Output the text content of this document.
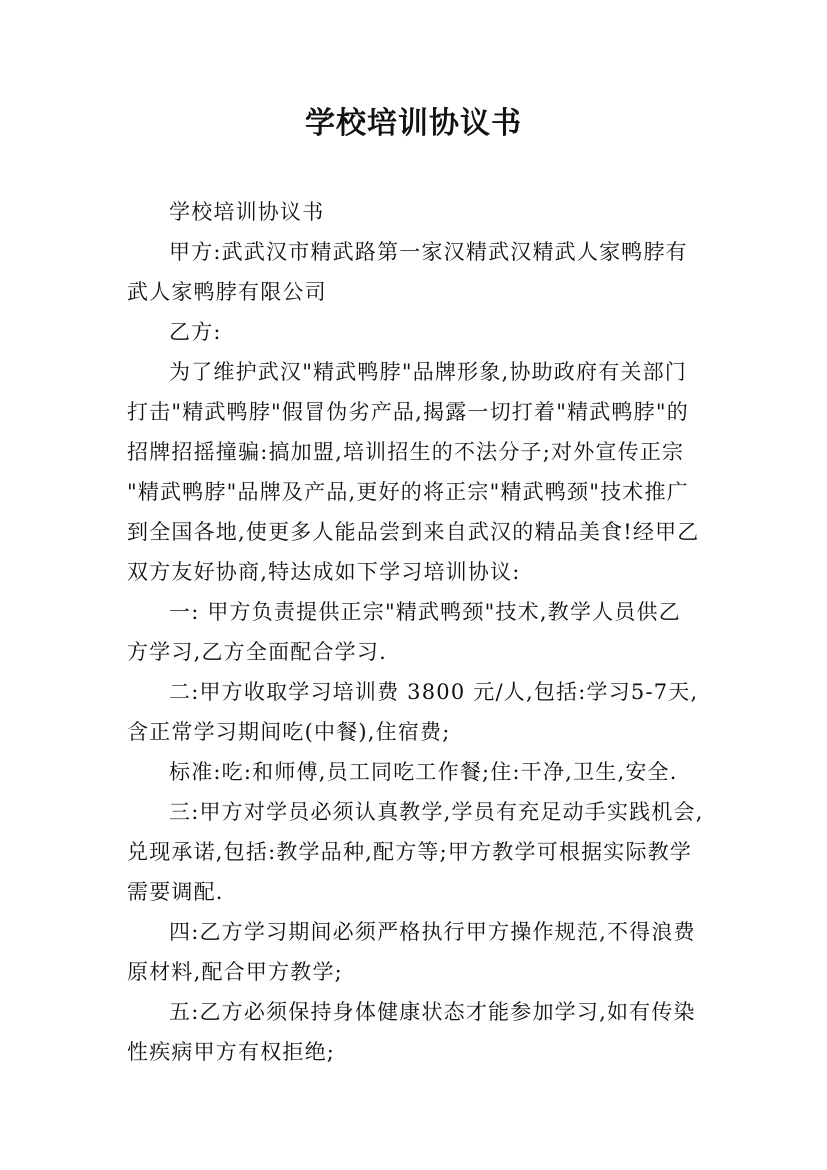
学校培训协议书
学校培训协议书
甲方:武武汉市精武路第一家汉精武汉精武人家鸭脖有
武人家鸭脖有限公司
乙方:
为了维护武汉"精武鸭脖"品牌形象,协助政府有关部门
打击"精武鸭脖"假冒伪劣产品,揭露一切打着"精武鸭脖"的
招牌招摇撞骗:搞加盟,培训招生的不法分子;对外宣传正宗
"精武鸭脖"品牌及产品,更好的将正宗"精武鸭颈"技术推广
到全国各地,使更多人能品尝到来自武汉的精品美食!经甲乙
双方友好协商,特达成如下学习培训协议:
一: 甲方负责提供正宗"精武鸭颈"技术,教学人员供乙
方学习,乙方全面配合学习.
二:甲方收取学习培训费 3800 元/人,包括:学习5-7天,
含正常学习期间吃(中餐),住宿费;
标准:吃:和师傅,员工同吃工作餐;住:干净,卫生,安全.
三:甲方对学员必须认真教学,学员有充足动手实践机会,
兑现承诺,包括:教学品种,配方等;甲方教学可根据实际教学
需要调配.
四:乙方学习期间必须严格执行甲方操作规范,不得浪费
原材料,配合甲方教学;
五:乙方必须保持身体健康状态才能参加学习,如有传染
性疾病甲方有权拒绝;
